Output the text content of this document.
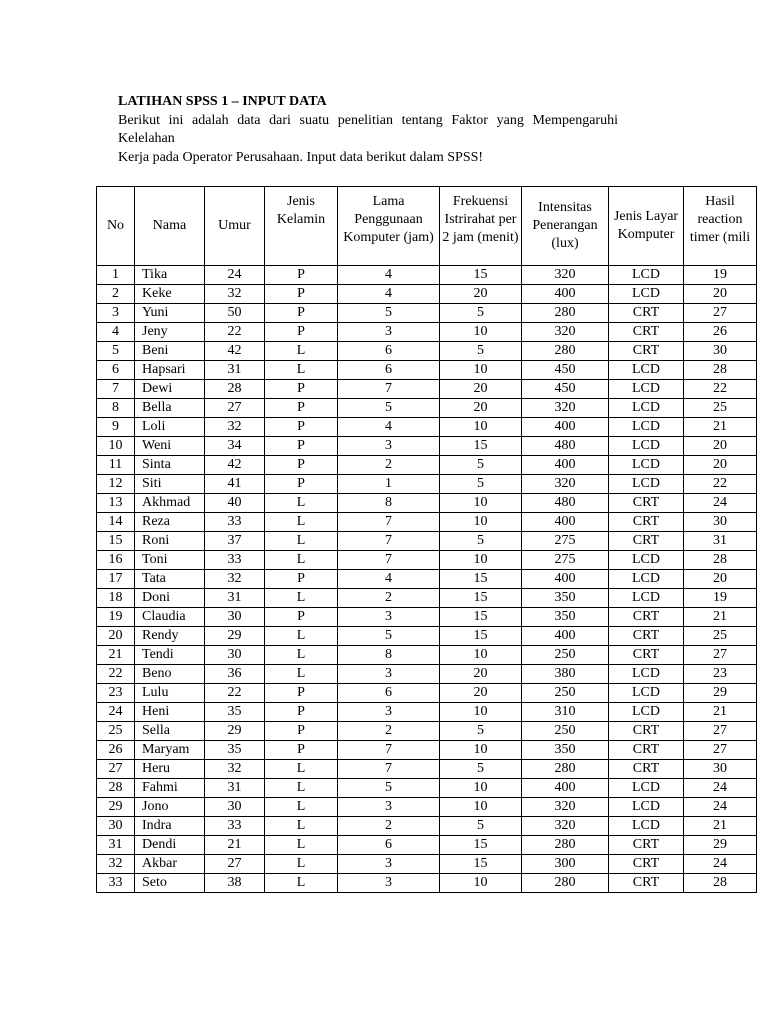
LATIHAN SPSS 1 – INPUT DATA
Berikut ini adalah data dari suatu penelitian tentang Faktor yang Mempengaruhi
Kelelahan
Kerja pada Operator Perusahaan. Input data berikut dalam SPSS!
No	Nama	Umur	Jenis Kelamin	Lama Penggunaan Komputer (jam)	Frekuensi Istrirahat per 2 jam (menit)	Intensitas Penerangan (lux)	Jenis Layar Komputer	Hasil reaction timer (mili
1	Tika	24	P	4	15	320	LCD	19
2	Keke	32	P	4	20	400	LCD	20
3	Yuni	50	P	5	5	280	CRT	27
4	Jeny	22	P	3	10	320	CRT	26
5	Beni	42	L	6	5	280	CRT	30
6	Hapsari	31	L	6	10	450	LCD	28
7	Dewi	28	P	7	20	450	LCD	22
8	Bella	27	P	5	20	320	LCD	25
9	Loli	32	P	4	10	400	LCD	21
10	Weni	34	P	3	15	480	LCD	20
11	Sinta	42	P	2	5	400	LCD	20
12	Siti	41	P	1	5	320	LCD	22
13	Akhmad	40	L	8	10	480	CRT	24
14	Reza	33	L	7	10	400	CRT	30
15	Roni	37	L	7	5	275	CRT	31
16	Toni	33	L	7	10	275	LCD	28
17	Tata	32	P	4	15	400	LCD	20
18	Doni	31	L	2	15	350	LCD	19
19	Claudia	30	P	3	15	350	CRT	21
20	Rendy	29	L	5	15	400	CRT	25
21	Tendi	30	L	8	10	250	CRT	27
22	Beno	36	L	3	20	380	LCD	23
23	Lulu	22	P	6	20	250	LCD	29
24	Heni	35	P	3	10	310	LCD	21
25	Sella	29	P	2	5	250	CRT	27
26	Maryam	35	P	7	10	350	CRT	27
27	Heru	32	L	7	5	280	CRT	30
28	Fahmi	31	L	5	10	400	LCD	24
29	Jono	30	L	3	10	320	LCD	24
30	Indra	33	L	2	5	320	LCD	21
31	Dendi	21	L	6	15	280	CRT	29
32	Akbar	27	L	3	15	300	CRT	24
33	Seto	38	L	3	10	280	CRT	28
